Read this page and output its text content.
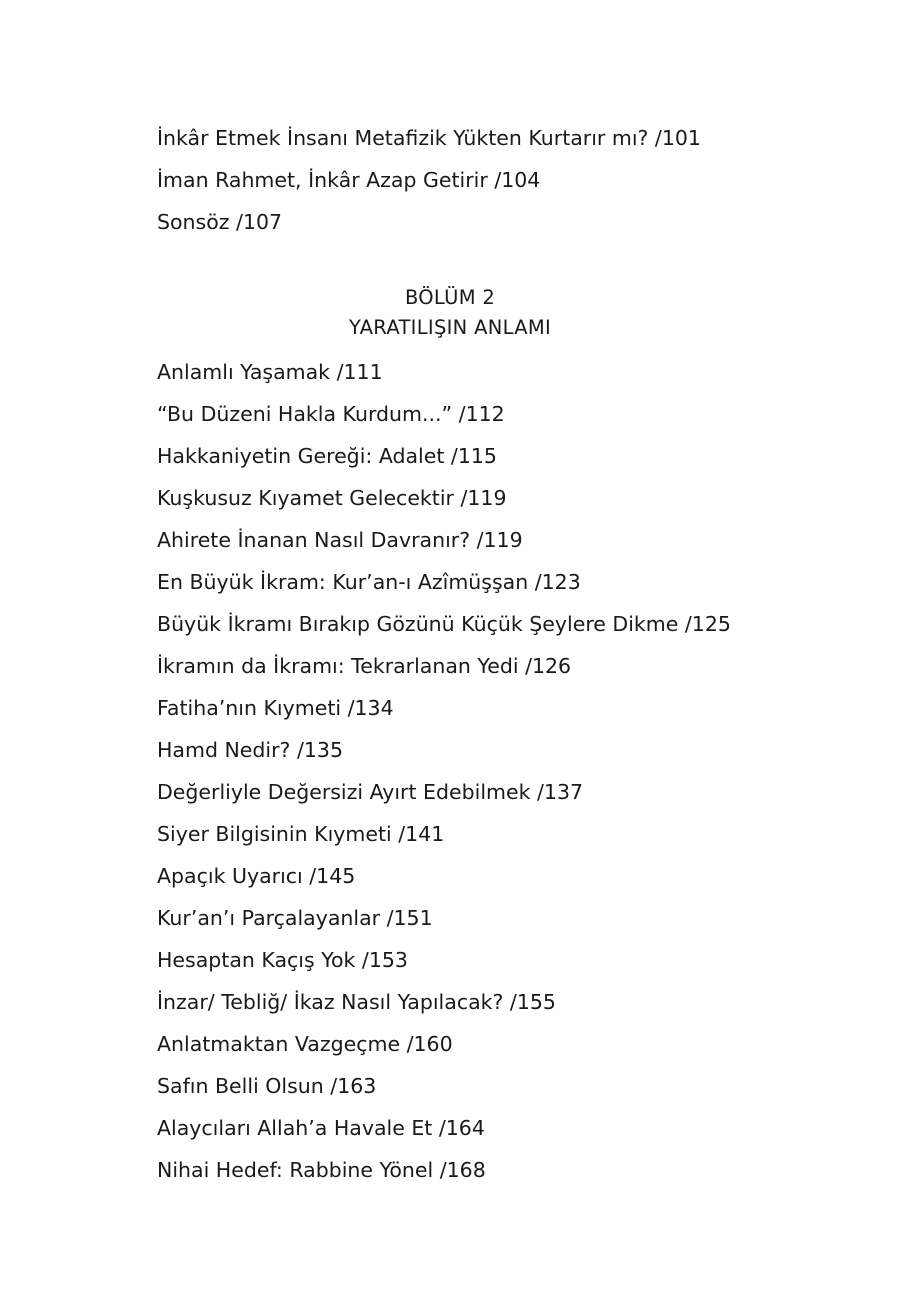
İnkâr Etmek İnsanı Metafizik Yükten Kurtarır mı? /101
İman Rahmet, İnkâr Azap Getirir /104
Sonsöz /107
BÖLÜM 2
YARATILIŞIN ANLAMI
Anlamlı Yaşamak /111
“Bu Düzeni Hakla Kurdum...” /112
Hakkaniyetin Gereği: Adalet /115
Kuşkusuz Kıyamet Gelecektir /119
Ahirete İnanan Nasıl Davranır? /119
En Büyük İkram: Kur’an-ı Azîmüşşan /123
Büyük İkramı Bırakıp Gözünü Küçük Şeylere Dikme /125
İkramın da İkramı: Tekrarlanan Yedi /126
Fatiha’nın Kıymeti /134
Hamd Nedir? /135
Değerliyle Değersizi Ayırt Edebilmek /137
Siyer Bilgisinin Kıymeti /141
Apaçık Uyarıcı /145
Kur’an’ı Parçalayanlar /151
Hesaptan Kaçış Yok /153
İnzar/ Tebliğ/ İkaz Nasıl Yapılacak? /155
Anlatmaktan Vazgeçme /160
Safın Belli Olsun /163
Alaycıları Allah’a Havale Et /164
Nihai Hedef: Rabbine Yönel /168
